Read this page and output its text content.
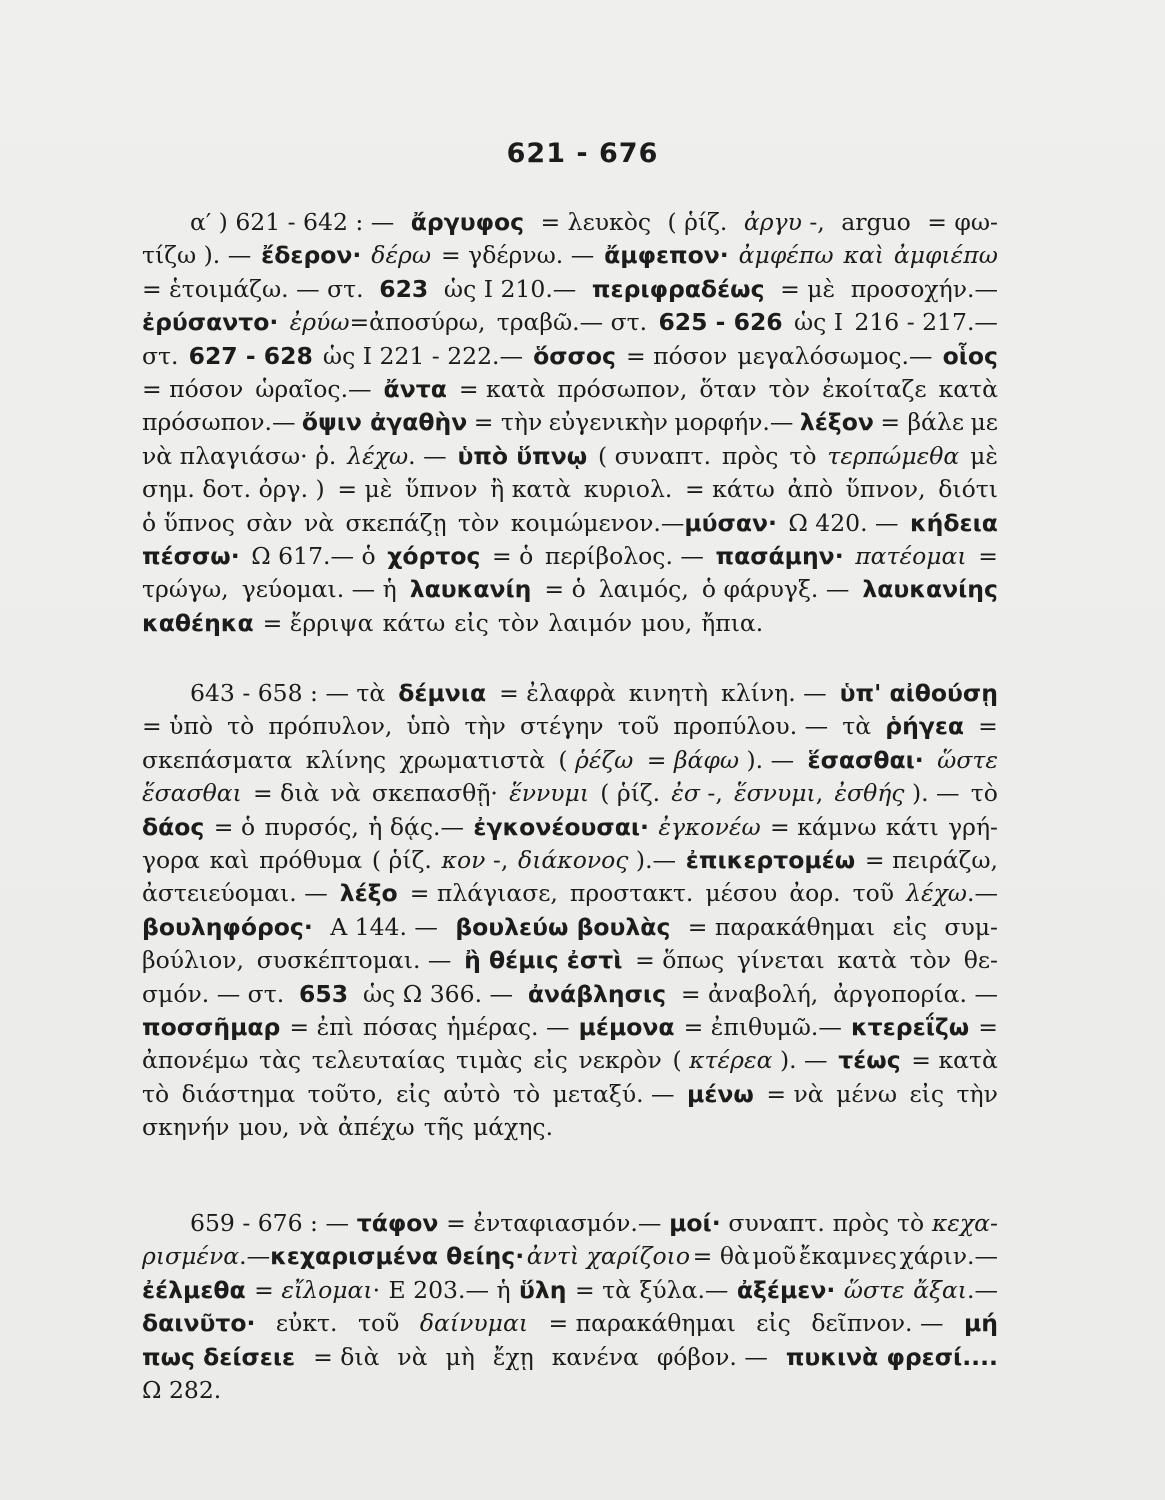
621 - 676
α′ ) 621 - 642 : — ἄργυφος = λευκὸς ( ῥίζ. ἀργυ -, arguo = φω-
τίζω ). — ἔδερον· δέρω = γδέρνω. — ἄμφεπον· ἀμφέπω καὶ ἀμφιέπω
= ἑτοιμάζω. — στ. 623 ὡς Ι 210.— περιφραδέως = μὲ προσοχήν.—
ἐρύσαντο· ἐρύω=ἀποσύρω, τραβῶ.— στ. 625 - 626 ὡς Ι 216 - 217.—
στ. 627 - 628 ὡς Ι 221 - 222.— ὅσσος = πόσον μεγαλόσωμος.— οἷος
= πόσον ὡραῖος.— ἄντα = κατὰ πρόσωπον, ὅταν τὸν ἐκοίταζε κατὰ
πρόσωπον.— ὄψιν ἀγαθὴν = τὴν εὐγενικὴν μορφήν.— λέξον = βάλε με
νὰ πλαγιάσω· ῥ. λέχω. — ὑπὸ ὕπνῳ ( συναπτ. πρὸς τὸ τερπώμεθα μὲ
σημ. δοτ. ὀργ. ) = μὲ ὕπνον ἢ κατὰ κυριολ. = κάτω ἀπὸ ὕπνον, διότι
ὁ ὕπνος σὰν νὰ σκεπάζῃ τὸν κοιμώμενον.—μύσαν· Ω 420. — κήδεια
πέσσω· Ω 617.— ὁ χόρτος = ὁ περίβολος. — πασάμην· πατέομαι =
τρώγω, γεύομαι. — ἡ λαυκανίη = ὁ λαιμός, ὁ φάρυγξ. — λαυκανίης
καθέηκα = ἔρριψα κάτω εἰς τὸν λαιμόν μου, ἤπια.
643 - 658 : — τὰ δέμνια = ἐλαφρὰ κινητὴ κλίνη. — ὑπ' αἰθούσῃ
= ὑπὸ τὸ πρόπυλον, ὑπὸ τὴν στέγην τοῦ προπύλου. — τὰ ῥήγεα =
σκεπάσματα κλίνης χρωματιστὰ ( ῥέζω = βάφω ). — ἕσασθαι· ὥστε
ἕσασθαι = διὰ νὰ σκεπασθῇ· ἕννυμι ( ῥίζ. ἐσ -, ἕσνυμι, ἐσθής ). — τὸ
δάος = ὁ πυρσός, ἡ δᾴς.— ἐγκονέουσαι· ἐγκονέω = κάμνω κάτι γρή-
γορα καὶ πρόθυμα ( ῥίζ. κον -, διάκονος ).— ἐπικερτομέω = πειράζω,
ἀστειεύομαι. — λέξο = πλάγιασε, προστακτ. μέσου ἀορ. τοῦ λέχω.—
βουληφόρος· Α 144. — βουλεύω βουλὰς = παρακάθημαι εἰς συμ-
βούλιον, συσκέπτομαι. — ἢ θέμις ἐστὶ = ὅπως γίνεται κατὰ τὸν θε-
σμόν. — στ. 653 ὡς Ω 366. — ἀνάβλησις = ἀναβολή, ἀργοπορία. —
ποσσῆμαρ = ἐπὶ πόσας ἡμέρας. — μέμονα = ἐπιθυμῶ.— κτερεΐζω =
ἀπονέμω τὰς τελευταίας τιμὰς εἰς νεκρὸν ( κτέρεα ). — τέως = κατὰ
τὸ διάστημα τοῦτο, εἰς αὐτὸ τὸ μεταξύ. — μένω = νὰ μένω εἰς τὴν
σκηνήν μου, νὰ ἀπέχω τῆς μάχης.
659 - 676 : — τάφον = ἐνταφιασμόν.— μοί· συναπτ. πρὸς τὸ κεχα-
ρισμένα.—κεχαρισμένα θείης· ἀντὶ χαρίζοιο = θὰ μοῦ ἔκαμνες χάριν.—
ἐέλμεθα = εἴλομαι· Ε 203.— ἡ ὕλη = τὰ ξύλα.— ἀξέμεν· ὥστε ἄξαι.—
δαινῦτο· εὐκτ. τοῦ δαίνυμαι = παρακάθημαι εἰς δεῖπνον. — μή
πως δείσειε = διὰ νὰ μὴ ἔχῃ κανένα φόβον. — πυκινὰ φρεσί....
Ω 282.
